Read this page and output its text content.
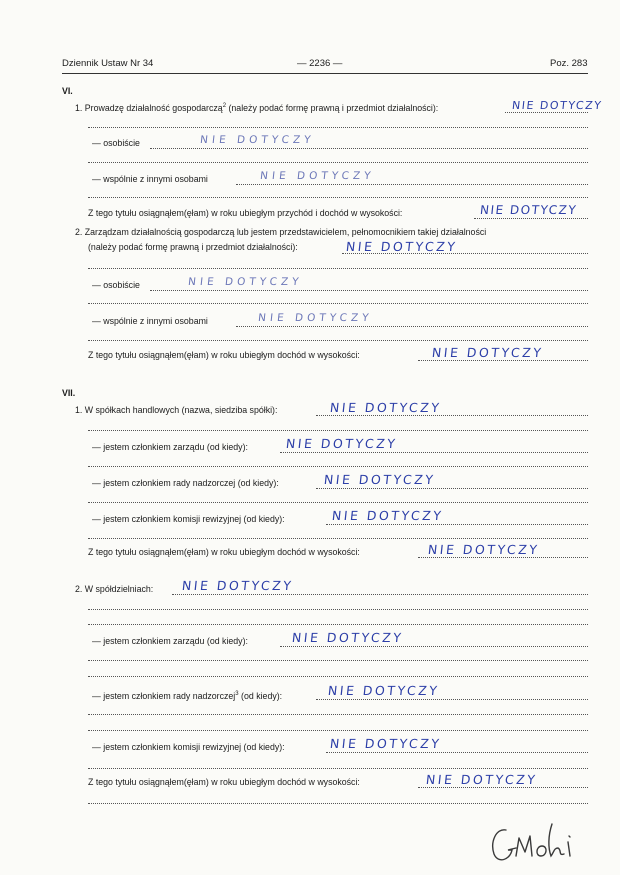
Dziennik Ustaw Nr 34	— 2236 —	Poz. 283
VI.
1. Prowadzę działalność gospodarczą$^2$ (należy podać formę prawną i przedmiot działalności):	NIE DOTYCZY
— osobiście	NIE DOTYCZY
— wspólnie z innymi osobami	NIE DOTYCZY
Z tego tytułu osiągnąłem(ęłam) w roku ubiegłym przychód i dochód w wysokości:	NIE DOTYCZY
2. Zarządzam działalnością gospodarczą lub jestem przedstawicielem, pełnomocnikiem takiej działalności
(należy podać formę prawną i przedmiot działalności):	NIE DOTYCZY
— osobiście	NIE DOTYCZY
— wspólnie z innymi osobami	NIE DOTYCZY
Z tego tytułu osiągnąłem(ęłam) w roku ubiegłym dochód w wysokości:	NIE DOTYCZY
VII.
1. W spółkach handlowych (nazwa, siedziba spółki):	NIE DOTYCZY
— jestem członkiem zarządu (od kiedy):	NIE DOTYCZY
— jestem członkiem rady nadzorczej (od kiedy):	NIE DOTYCZY
— jestem członkiem komisji rewizyjnej (od kiedy):	NIE DOTYCZY
Z tego tytułu osiągnąłem(ęłam) w roku ubiegłym dochód w wysokości:	NIE DOTYCZY
2. W spółdzielniach: NIE DOTYCZY
— jestem członkiem zarządu (od kiedy):	NIE DOTYCZY
— jestem członkiem rady nadzorczej$^3$ (od kiedy):	NIE DOTYCZY
— jestem członkiem komisji rewizyjnej (od kiedy):	NIE DOTYCZY
Z tego tytułu osiągnąłem(ęłam) w roku ubiegłym dochód w wysokości:	NIE DOTYCZY
